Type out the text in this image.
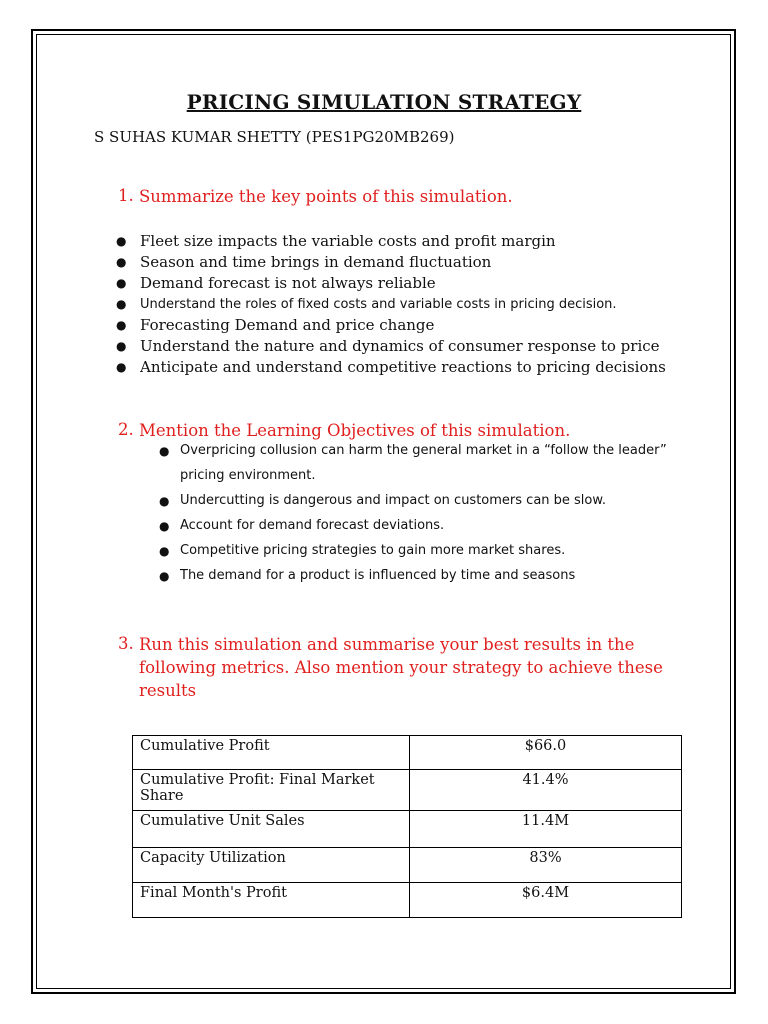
PRICING SIMULATION STRATEGY
S SUHAS KUMAR SHETTY (PES1PG20MB269)
1. Summarize the key points of this simulation.
● Fleet size impacts the variable costs and profit margin
● Season and time brings in demand fluctuation
● Demand forecast is not always reliable
● Understand the roles of fixed costs and variable costs in pricing decision.
● Forecasting Demand and price change
● Understand the nature and dynamics of consumer response to price
● Anticipate and understand competitive reactions to pricing decisions
2. Mention the Learning Objectives of this simulation.
● Overpricing collusion can harm the general market in a “follow the leader” pricing environment.
● Undercutting is dangerous and impact on customers can be slow.
● Account for demand forecast deviations.
● Competitive pricing strategies to gain more market shares.
● The demand for a product is influenced by time and seasons
3. Run this simulation and summarise your best results in the following metrics. Also mention your strategy to achieve these results
Cumulative Profit	$66.0
Cumulative Profit: Final Market Share	41.4%
Cumulative Unit Sales	11.4M
Capacity Utilization	83%
Final Month's Profit	$6.4M
